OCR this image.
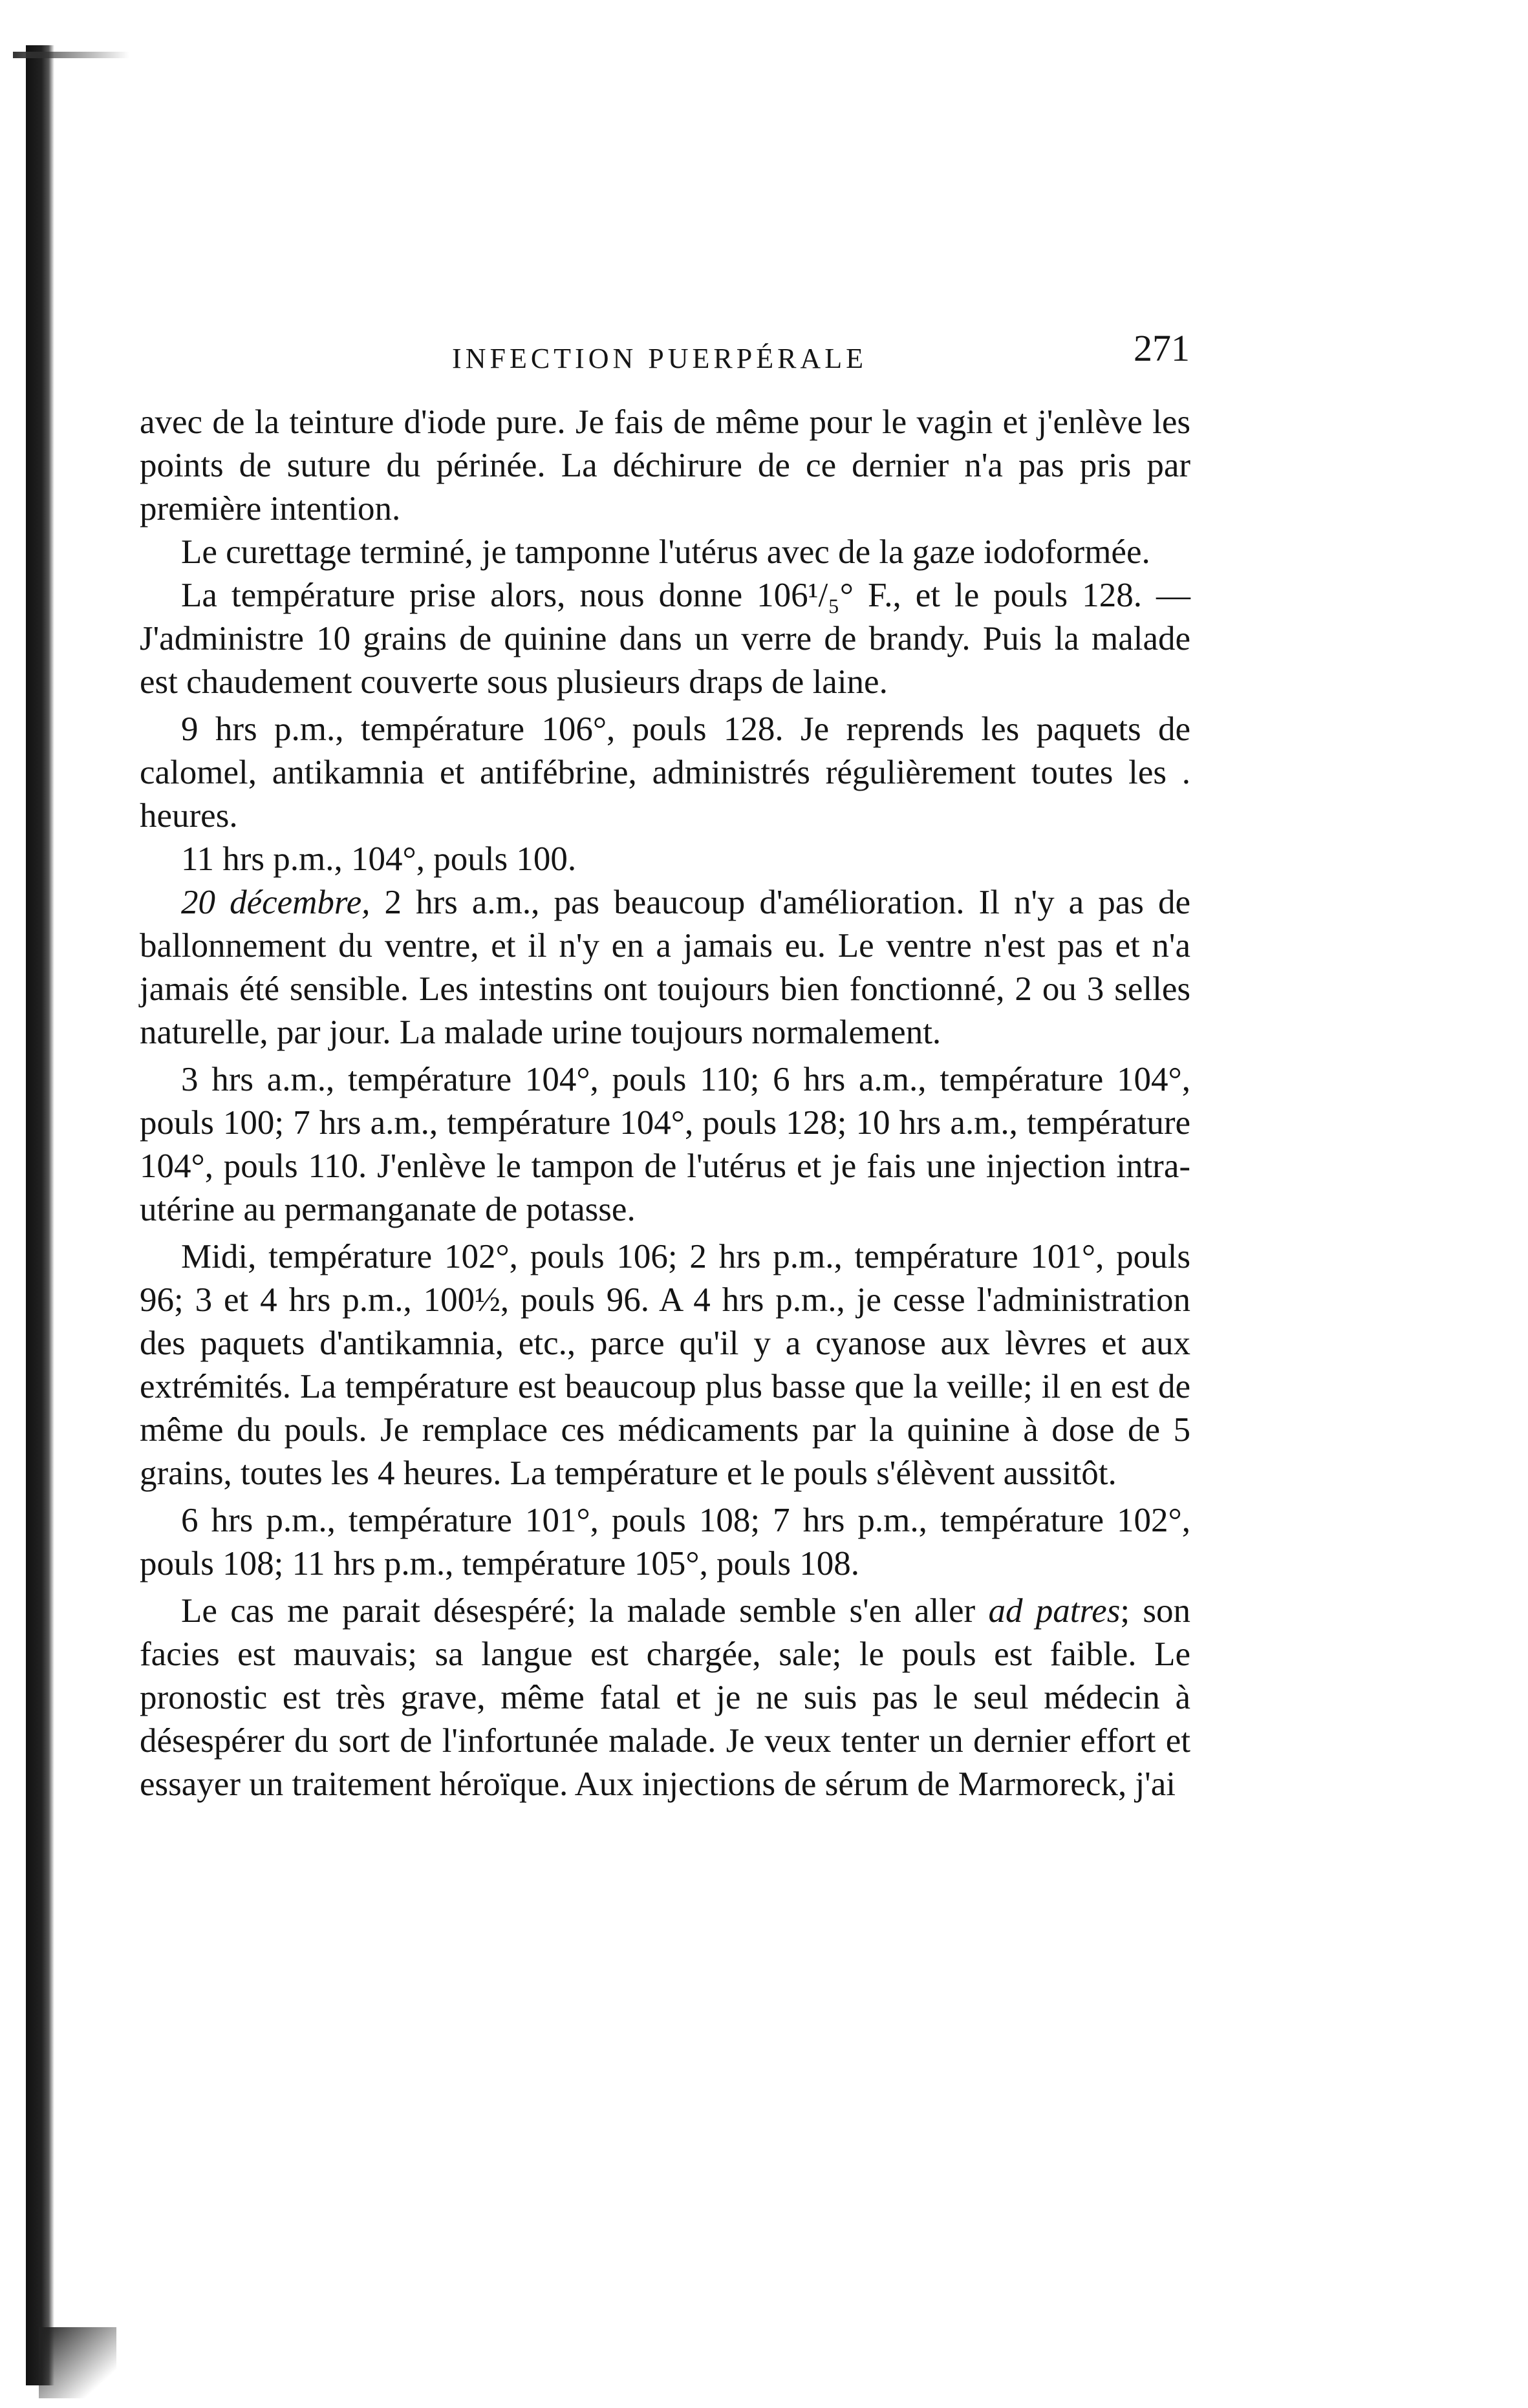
INFECTION PUERPÉRALE	271

avec de la teinture d'iode pure. Je fais de même pour le vagin et j'enlève les points de suture du périnée. La déchirure de ce dernier n'a pas pris par première intention.

Le curettage terminé, je tamponne l'utérus avec de la gaze iodoformée.

La température prise alors, nous donne 106¹/₅° F., et le pouls 128. — J'administre 10 grains de quinine dans un verre de brandy. Puis la malade est chaudement couverte sous plusieurs draps de laine.

9 hrs p.m., température 106°, pouls 128. Je reprends les paquets de calomel, antikamnia et antifébrine, administrés régulièrement toutes les . heures.

11 hrs p.m., 104°, pouls 100.

20 décembre, 2 hrs a.m., pas beaucoup d'amélioration. Il n'y a pas de ballonnement du ventre, et il n'y en a jamais eu. Le ventre n'est pas et n'a jamais été sensible. Les intestins ont toujours bien fonctionné, 2 ou 3 selles naturelle, par jour. La malade urine toujours normalement.

3 hrs a.m., température 104°, pouls 110; 6 hrs a.m., température 104°, pouls 100; 7 hrs a.m., température 104°, pouls 128; 10 hrs a.m., température 104°, pouls 110. J'enlève le tampon de l'utérus et je fais une injection intra-utérine au permanganate de potasse.

Midi, température 102°, pouls 106; 2 hrs p.m., température 101°, pouls 96; 3 et 4 hrs p.m., 100½, pouls 96. A 4 hrs p.m., je cesse l'administration des paquets d'antikamnia, etc., parce qu'il y a cyanose aux lèvres et aux extrémités. La température est beaucoup plus basse que la veille; il en est de même du pouls. Je remplace ces médicaments par la quinine à dose de 5 grains, toutes les 4 heures. La température et le pouls s'élèvent aussitôt.

6 hrs p.m., température 101°, pouls 108; 7 hrs p.m., température 102°, pouls 108; 11 hrs p.m., température 105°, pouls 108.

Le cas me parait désespéré; la malade semble s'en aller ad patres; son facies est mauvais; sa langue est chargée, sale; le pouls est faible. Le pronostic est très grave, même fatal et je ne suis pas le seul médecin à désespérer du sort de l'infortunée malade. Je veux tenter un dernier effort et essayer un traitement héroïque. Aux injections de sérum de Marmoreck, j'ai
